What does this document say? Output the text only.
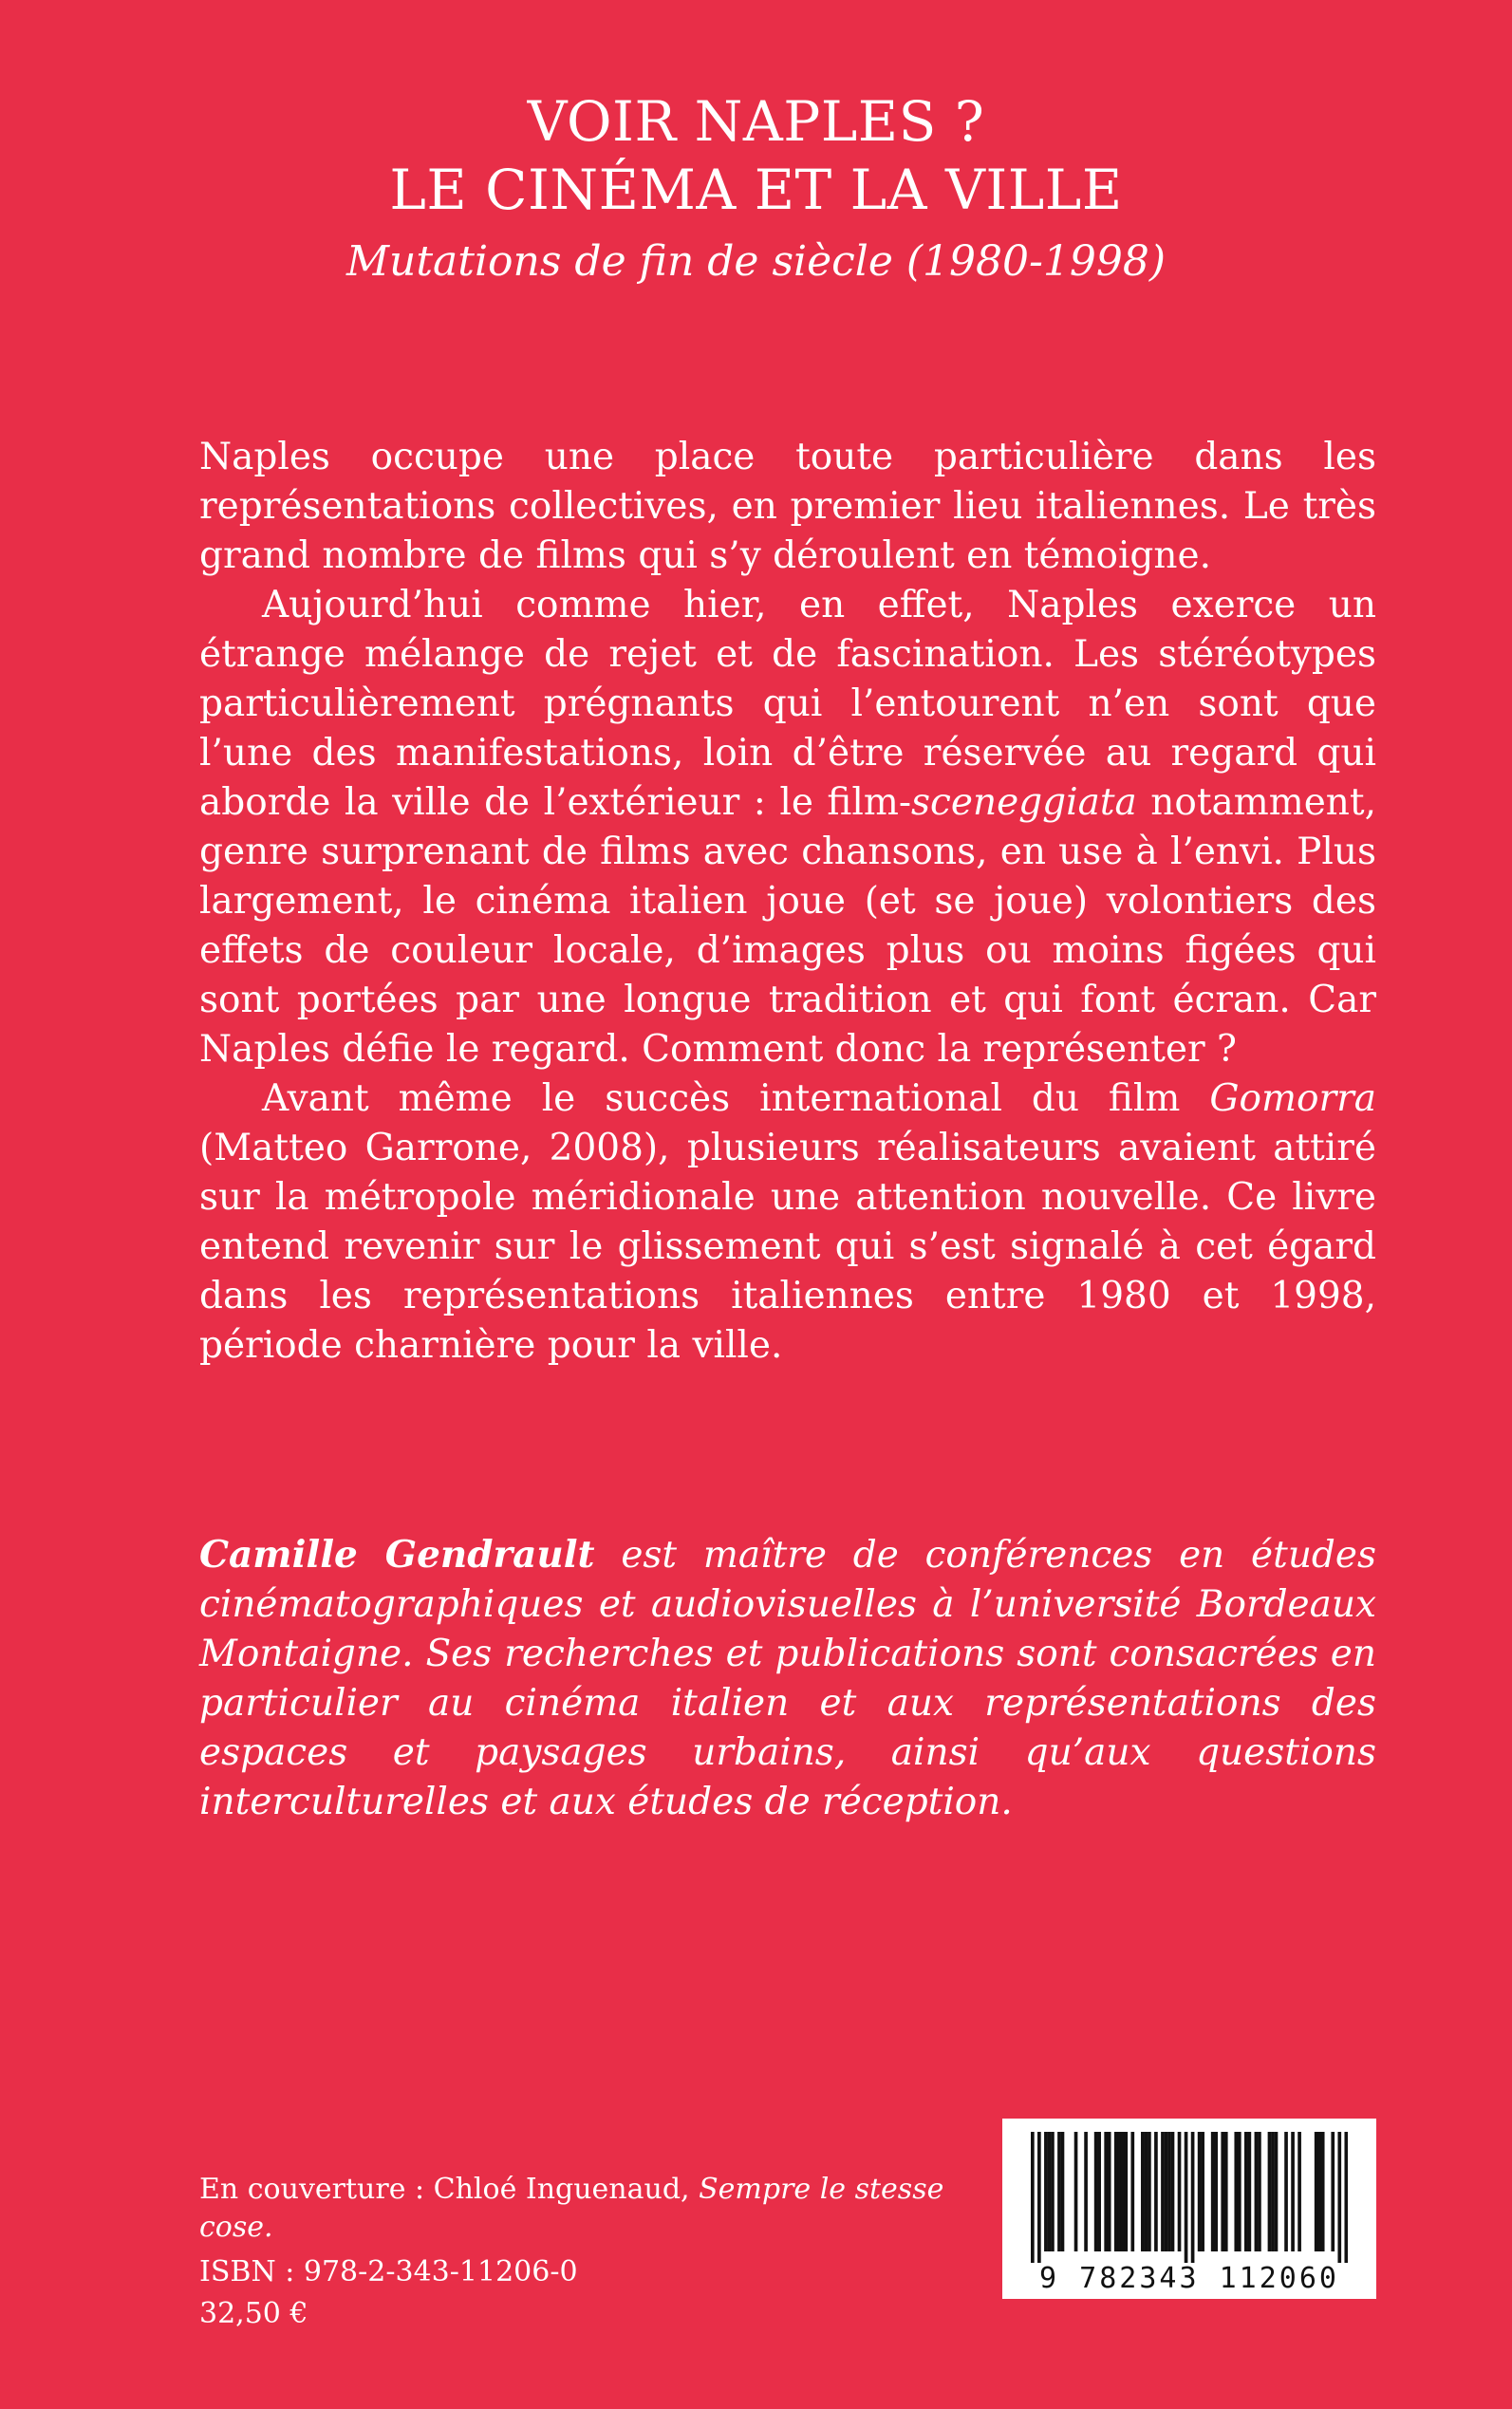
VOIR NAPLES ?
LE CINÉMA ET LA VILLE
Mutations de fin de siècle (1980-1998)

Naples occupe une place toute particulière dans les représentations collectives, en premier lieu italiennes. Le très grand nombre de films qui s’y déroulent en témoigne.

Aujourd’hui comme hier, en effet, Naples exerce un étrange mélange de rejet et de fascination. Les stéréotypes particulièrement prégnants qui l’entourent n’en sont que l’une des manifestations, loin d’être réservée au regard qui aborde la ville de l’extérieur : le film-sceneggiata notamment, genre surprenant de films avec chansons, en use à l’envi. Plus largement, le cinéma italien joue (et se joue) volontiers des effets de couleur locale, d’images plus ou moins figées qui sont portées par une longue tradition et qui font écran. Car Naples défie le regard. Comment donc la représenter ?

Avant même le succès international du film Gomorra (Matteo Garrone, 2008), plusieurs réalisateurs avaient attiré sur la métropole méridionale une attention nouvelle. Ce livre entend revenir sur le glissement qui s’est signalé à cet égard dans les représentations italiennes entre 1980 et 1998, période charnière pour la ville.

Camille Gendrault est maître de conférences en études cinématographiques et audiovisuelles à l’université Bordeaux Montaigne. Ses recherches et publications sont consacrées en particulier au cinéma italien et aux représentations des espaces et paysages urbains, ainsi qu’aux questions interculturelles et aux études de réception.
En couverture : Chloé Inguenaud, Sempre le stesse cose.
ISBN : 978-2-343-11206-0
32,50 €
9 782343 112060
